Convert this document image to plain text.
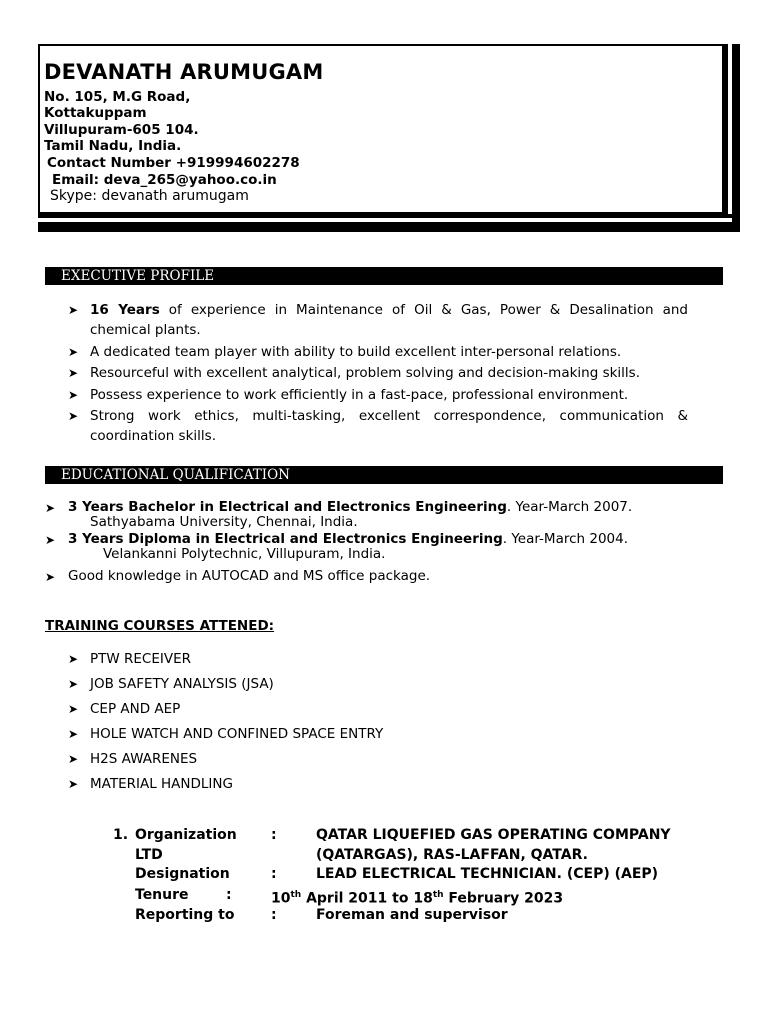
DEVANATH ARUMUGAM
No. 105, M.G Road,
Kottakuppam
Villupuram-605 104.
Tamil Nadu, India.
Contact Number +919994602278
Email: deva_265@yahoo.co.in
Skype: devanath arumugam
EXECUTIVE PROFILE
➤ 16 Years of experience in Maintenance of Oil & Gas, Power & Desalination and chemical plants.
➤ A dedicated team player with ability to build excellent inter-personal relations.
➤ Resourceful with excellent analytical, problem solving and decision-making skills.
➤ Possess experience to work efficiently in a fast-pace, professional environment.
➤ Strong work ethics, multi-tasking, excellent correspondence, communication & coordination skills.
EDUCATIONAL QUALIFICATION
➤ 3 Years Bachelor in Electrical and Electronics Engineering. Year-March 2007.
Sathyabama University, Chennai, India.
➤ 3 Years Diploma in Electrical and Electronics Engineering. Year-March 2004.
Velankanni Polytechnic, Villupuram, India.
➤ Good knowledge in AUTOCAD and MS office package.
TRAINING COURSES ATTENED:
➤ PTW RECEIVER
➤ JOB SAFETY ANALYSIS (JSA)
➤ CEP AND AEP
➤ HOLE WATCH AND CONFINED SPACE ENTRY
➤ H2S AWARENES
➤ MATERIAL HANDLING
1. Organization :	QATAR LIQUEFIED GAS OPERATING COMPANY
LTD	(QATARGAS), RAS-LAFFAN, QATAR.
Designation	:	LEAD ELECTRICAL TECHNICIAN. (CEP) (AEP)
Tenure	:	10th April 2011 to 18th February 2023
Reporting to	:	Foreman and supervisor
